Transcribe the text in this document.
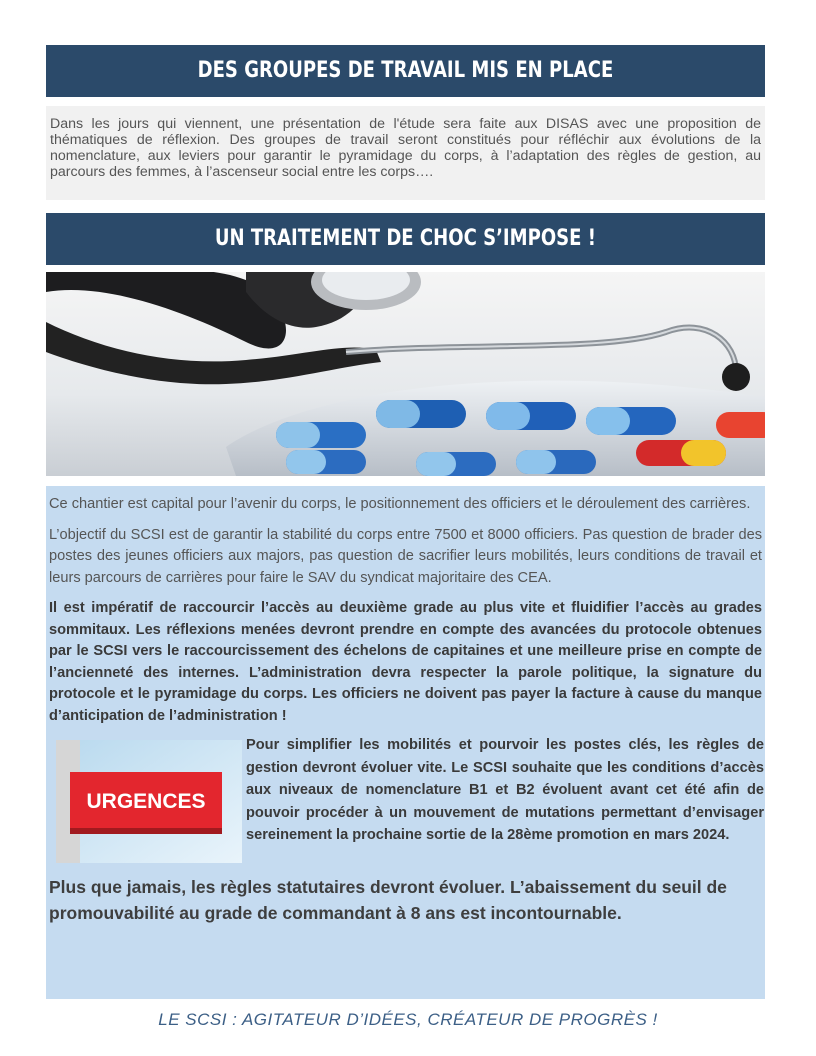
DES GROUPES DE TRAVAIL MIS EN PLACE

Dans les jours qui viennent, une présentation de l'étude sera faite aux DISAS avec une proposition de thématiques de réflexion. Des groupes de travail seront constitués pour réfléchir aux évolutions de la nomenclature, aux leviers pour garantir le pyramidage du corps, à l’adaptation des règles de gestion, au parcours des femmes, à l’ascenseur social entre les corps….

UN TRAITEMENT DE CHOC S’IMPOSE !

Ce chantier est capital pour l’avenir du corps, le positionnement des officiers et le déroulement des carrières.

L’objectif du SCSI est de garantir la stabilité du corps entre 7500 et 8000 officiers. Pas question de brader des postes des jeunes officiers aux majors, pas question de sacrifier leurs mobilités, leurs conditions de travail et leurs parcours de carrières pour faire le SAV du syndicat majoritaire des CEA.

Il est impératif de raccourcir l’accès au deuxième grade au plus vite et fluidifier l’accès au grades sommitaux. Les réflexions menées devront prendre en compte des avancées du protocole obtenues par le SCSI vers le raccourcissement des échelons de capitaines et une meilleure prise en compte de l’ancienneté des internes. L’administration devra respecter la parole politique, la signature du protocole et le pyramidage du corps. Les officiers ne doivent pas payer la facture à cause du manque d’anticipation de l’administration !

URGENCES

Pour simplifier les mobilités et pourvoir les postes clés, les règles de gestion devront évoluer vite. Le SCSI souhaite que les conditions d’accès aux niveaux de nomenclature B1 et B2 évoluent avant cet été afin de pouvoir procéder à un mouvement de mutations permettant d’envisager sereinement la prochaine sortie de la 28ème promotion en mars 2024.

Plus que jamais, les règles statutaires devront évoluer. L’abaissement du seuil de promouvabilité au grade de commandant à 8 ans est incontournable.

LE SCSI : AGITATEUR D’IDÉES, CRÉATEUR DE PROGRÈS !
